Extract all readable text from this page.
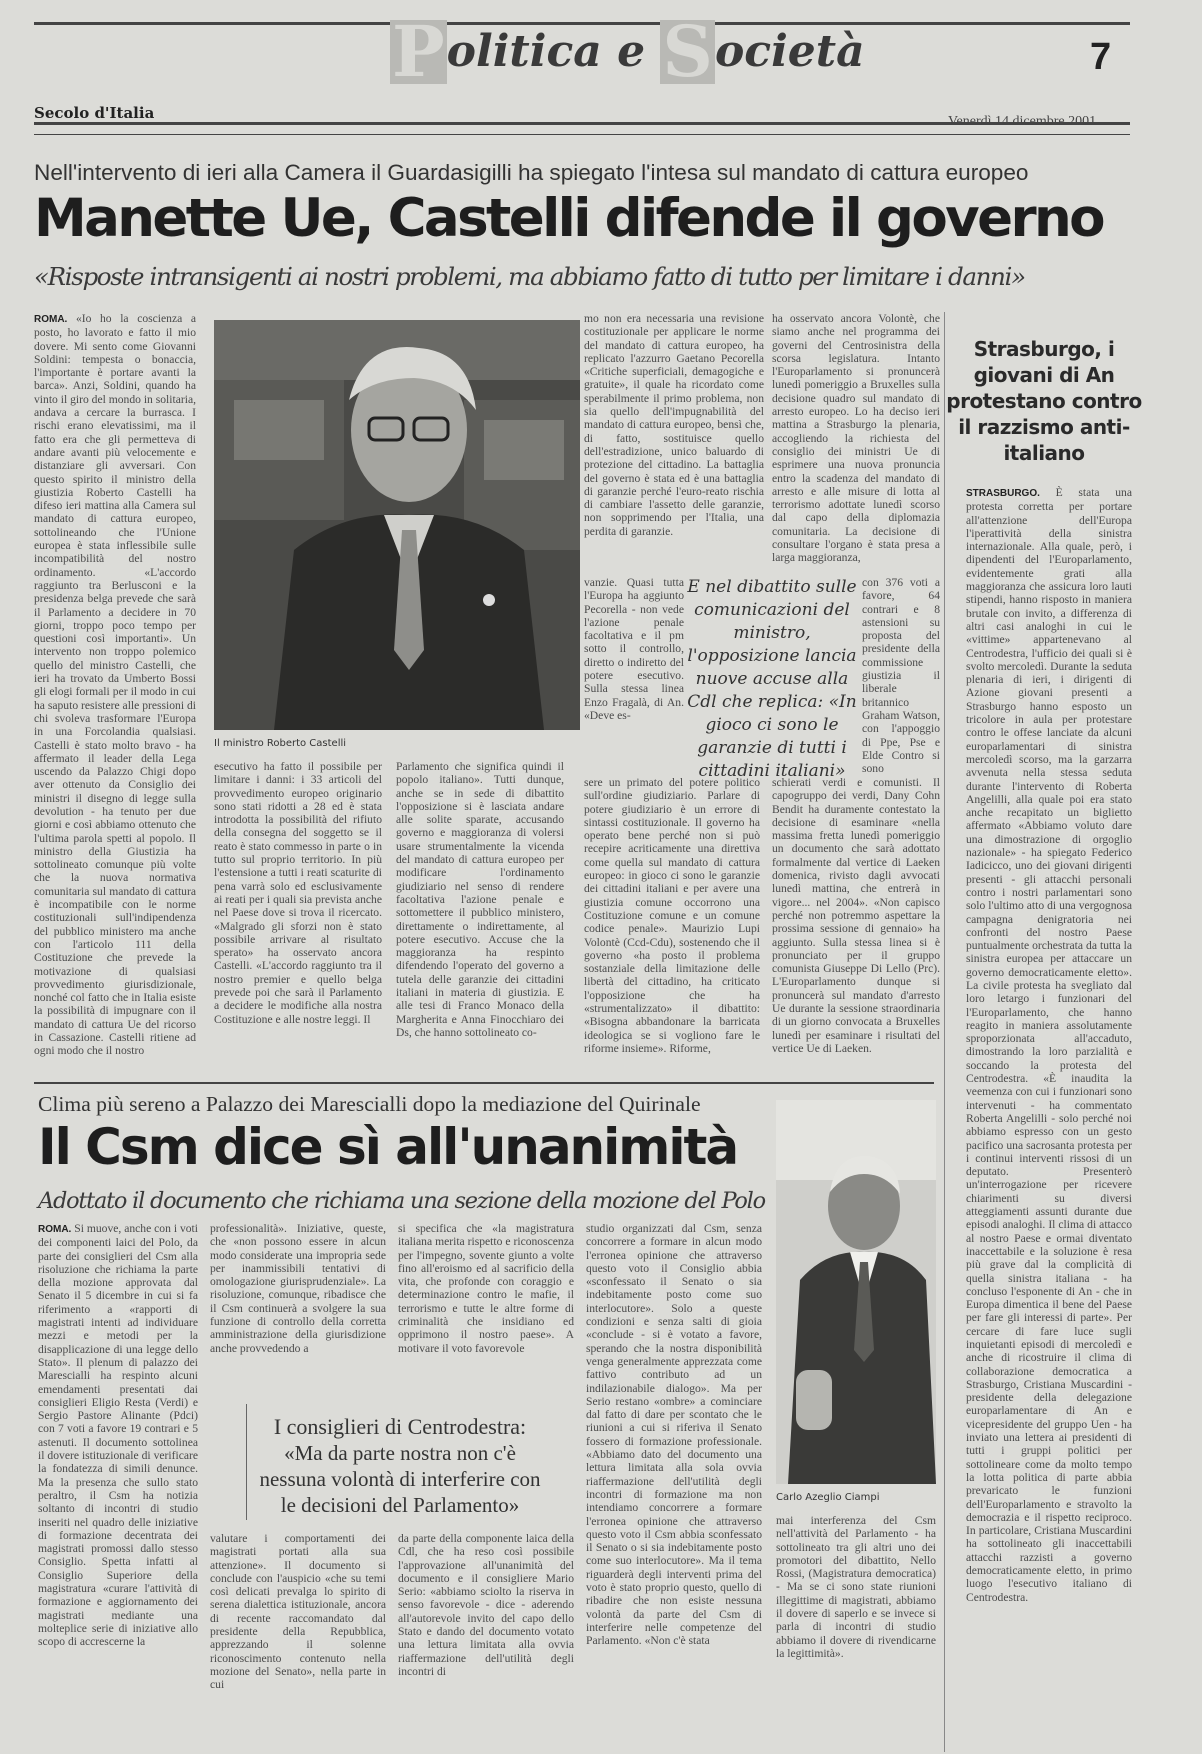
Politica e Società	7
Secolo d'Italia	Venerdì 14 dicembre 2001
Nell'intervento di ieri alla Camera il Guardasigilli ha spiegato l'intesa sul mandato di cattura europeo
Manette Ue, Castelli difende il governo
«Risposte intransigenti ai nostri problemi, ma abbiamo fatto di tutto per limitare i danni»
ROMA. «Io ho la coscienza a posto, ho lavorato e fatto il mio dovere. Mi sento come Giovanni Soldini: tempesta o bonaccia, l'importante è portare avanti la barca». Anzi, Soldini, quando ha vinto il giro del mondo in solitaria, andava a cercare la burrasca. I rischi erano elevatissimi, ma il fatto era che gli permetteva di andare avanti più velocemente e distanziare gli avversari. Con questo spirito il ministro della giustizia Roberto Castelli ha difeso ieri mattina alla Camera sul mandato di cattura europeo, sottolineando che l'Unione europea è stata inflessibile sulle incompatibilità del nostro ordinamento. «L'accordo raggiunto tra Berlusconi e la presidenza belga prevede che sarà il Parlamento a decidere in 70 giorni, troppo poco tempo per questioni così importanti». Un intervento non troppo polemico quello del ministro Castelli, che ieri ha trovato da Umberto Bossi gli elogi formali per il modo in cui ha saputo resistere alle pressioni di chi svoleva trasformare l'Europa in una Forcolandia qualsiasi. Castelli è stato molto bravo - ha affermato il leader della Lega uscendo da Palazzo Chigi dopo aver ottenuto da Consiglio dei ministri il disegno di legge sulla devolution - ha tenuto per due giorni e così abbiamo ottenuto che l'ultima parola spetti al popolo. Il ministro della Giustizia ha sottolineato comunque più volte che la nuova normativa comunitaria sul mandato di cattura è incompatibile con le norme costituzionali sull'indipendenza del pubblico ministero ma anche con l'articolo 111 della Costituzione che prevede la motivazione di qualsiasi provvedimento giurisdizionale, nonché col fatto che in Italia esiste la possibilità di impugnare con il mandato di cattura Ue del ricorso in Cassazione. Castelli ritiene ad ogni modo che il nostro
Il ministro Roberto Castelli
mo non era necessaria una revisione costituzionale per applicare le norme del mandato di cattura europeo, ha replicato l'azzurro Gaetano Pecorella «Critiche superficiali, demagogiche e gratuite», il quale ha ricordato come sperabilmente il primo problema, non sia quello dell'impugnabilità del mandato di cattura europeo, bensì che, di fatto, sostituisce quello dell'estradizione, unico baluardo di protezione del cittadino. La battaglia del governo è stata ed è una battaglia di garanzie perché l'euro-reato rischia di cambiare l'assetto delle garanzie, non sopprimendo per l'Italia, una perdita di garanzie.
ha osservato ancora Volontè, che siamo anche nel programma dei governi del Centrosinistra della scorsa legislatura. Intanto l'Europarlamento si pronuncerà lunedì pomeriggio a Bruxelles sulla decisione quadro sul mandato di arresto europeo. Lo ha deciso ieri mattina a Strasburgo la plenaria, accogliendo la richiesta del consiglio dei ministri Ue di esprimere una nuova pronuncia entro la scadenza del mandato di arresto e alle misure di lotta al terrorismo adottate lunedì scorso dal capo della diplomazia comunitaria. La decisione di consultare l'organo è stata presa a larga maggioranza,
vanzie. Quasi tutta l'Europa ha aggiunto Pecorella - non vede l'azione penale facoltativa e il pm sotto il controllo, diretto o indiretto del potere esecutivo. Sulla stessa linea Enzo Fragalà, di An. «Deve es-
con 376 voti a favore, 64 contrari e 8 astensioni su proposta del presidente della commissione giustizia il liberale britannico Graham Watson, con l'appoggio di Ppe, Pse e Elde Contro si sono
E nel dibattito sulle comunicazioni del ministro, l'opposizione lancia nuove accuse alla Cdl che replica: «In gioco ci sono le garanzie di tutti i cittadini italiani»
esecutivo ha fatto il possibile per limitare i danni: i 33 articoli del provvedimento europeo originario sono stati ridotti a 28 ed è stata introdotta la possibilità del rifiuto della consegna del soggetto se il reato è stato commesso in parte o in tutto sul proprio territorio. In più l'estensione a tutti i reati scaturite di pena varrà solo ed esclusivamente ai reati per i quali sia prevista anche nel Paese dove si trova il ricercato. «Malgrado gli sforzi non è stato possibile arrivare al risultato sperato» ha osservato ancora Castelli. «L'accordo raggiunto tra il nostro premier e quello belga prevede poi che sarà il Parlamento a decidere le modifiche alla nostra Costituzione e alle nostre leggi. Il
Parlamento che significa quindi il popolo italiano». Tutti dunque, anche se in sede di dibattito l'opposizione si è lasciata andare alle solite sparate, accusando governo e maggioranza di volersi usare strumentalmente la vicenda del mandato di cattura europeo per modificare l'ordinamento giudiziario nel senso di rendere facoltativa l'azione penale e sottomettere il pubblico ministero, direttamente o indirettamente, al potere esecutivo. Accuse che la maggioranza ha respinto difendendo l'operato del governo a tutela delle garanzie dei cittadini italiani in materia di giustizia. E alle tesi di Franco Monaco della Margherita e Anna Finocchiaro dei Ds, che hanno sottolineato co-
sere un primato del potere politico sull'ordine giudiziario. Parlare di potere giudiziario è un errore di sintassi costituzionale. Il governo ha operato bene perché non si può recepire acriticamente una direttiva come quella sul mandato di cattura europeo: in gioco ci sono le garanzie dei cittadini italiani e per avere una giustizia comune occorrono una Costituzione comune e un comune codice penale». Maurizio Lupi Volontè (Ccd-Cdu), sostenendo che il governo «ha posto il problema sostanziale della limitazione delle libertà del cittadino, ha criticato l'opposizione che ha «strumentalizzato» il dibattito: «Bisogna abbandonare la barricata ideologica se si vogliono fare le riforme insieme». Riforme,
schierati verdi e comunisti. Il capogruppo dei verdi, Dany Cohn Bendit ha duramente contestato la decisione di esaminare «nella massima fretta lunedì pomeriggio un documento che sarà adottato formalmente dal vertice di Laeken domenica, rivisto dagli avvocati lunedì mattina, che entrerà in vigore... nel 2004». «Non capisco perché non potremmo aspettare la prossima sessione di gennaio» ha aggiunto. Sulla stessa linea si è pronunciato per il gruppo comunista Giuseppe Di Lello (Prc). L'Europarlamento dunque si pronuncerà sul mandato d'arresto Ue durante la sessione straordinaria di un giorno convocata a Bruxelles lunedì per esaminare i risultati del vertice Ue di Laeken.
Strasburgo, i giovani di An protestano contro il razzismo anti-italiano
STRASBURGO. È stata una protesta corretta per portare all'attenzione dell'Europa l'iperattività della sinistra internazionale. Alla quale, però, i dipendenti del l'Europarlamento, evidentemente grati alla maggioranza che assicura loro lauti stipendi, hanno risposto in maniera brutale con invito, a differenza di altri casi analoghi in cui le «vittime» appartenevano al Centrodestra, l'ufficio dei quali si è svolto mercoledì. Durante la seduta plenaria di ieri, i dirigenti di Azione giovani presenti a Strasburgo hanno esposto un tricolore in aula per protestare contro le offese lanciate da alcuni europarlamentari di sinistra mercoledì scorso, ma la garzarra avvenuta nella stessa seduta durante l'intervento di Roberta Angelilli, alla quale poi era stato anche recapitato un biglietto affermato «Abbiamo voluto dare una dimostrazione di orgoglio nazionale» - ha spiegato Federico Iadicicco, uno dei giovani dirigenti presenti - gli attacchi personali contro i nostri parlamentari sono solo l'ultimo atto di una vergognosa campagna denigratoria nei confronti del nostro Paese puntualmente orchestrata da tutta la sinistra europea per attaccare un governo democraticamente eletto». La civile protesta ha svegliato dal loro letargo i funzionari del l'Europarlamento, che hanno reagito in maniera assolutamente sproporzionata all'accaduto, dimostrando la loro parzialità e soccando la protesta del Centrodestra. «È inaudita la veemenza con cui i funzionari sono intervenuti - ha commentato Roberta Angelilli - solo perché noi abbiamo espresso con un gesto pacifico una sacrosanta protesta per i continui interventi rissosi di un deputato. Presenterò un'interrogazione per ricevere chiarimenti su diversi atteggiamenti assunti durante due episodi analoghi. Il clima di attacco al nostro Paese e ormai diventato inaccettabile e la soluzione è resa più grave dal la complicità di quella sinistra italiana - ha concluso l'esponente di An - che in Europa dimentica il bene del Paese per fare gli interessi di parte». Per cercare di fare luce sugli inquietanti episodi di mercoledì e anche di ricostruire il clima di collaborazione democratica a Strasburgo, Cristiana Muscardini - presidente della delegazione europarlamentare di An e vicepresidente del gruppo Uen - ha inviato una lettera ai presidenti di tutti i gruppi politici per sottolineare come da molto tempo la lotta politica di parte abbia prevaricato le funzioni dell'Europarlamento e stravolto la democrazia e il rispetto reciproco. In particolare, Cristiana Muscardini ha sottolineato gli inaccettabili attacchi razzisti a governo democraticamente eletto, in primo luogo l'esecutivo italiano di Centrodestra.
Clima più sereno a Palazzo dei Marescialli dopo la mediazione del Quirinale
Il Csm dice sì all'unanimità
Adottato il documento che richiama una sezione della mozione del Polo
Carlo Azeglio Ciampi
ROMA. Si muove, anche con i voti dei componenti laici del Polo, da parte dei consiglieri del Csm alla risoluzione che richiama la parte della mozione approvata dal Senato il 5 dicembre in cui si fa riferimento a «rapporti di magistrati intenti ad individuare mezzi e metodi per la disapplicazione di una legge dello Stato». Il plenum di palazzo dei Marescialli ha respinto alcuni emendamenti presentati dai consiglieri Eligio Resta (Verdi) e Sergio Pastore Alinante (Pdci) con 7 voti a favore 19 contrari e 5 astenuti. Il documento sottolinea il dovere istituzionale di verificare la fondatezza di simili denunce. Ma la presenza che sullo stato peraltro, il Csm ha notizia soltanto di incontri di studio inseriti nel quadro delle iniziative di formazione decentrata dei magistrati promossi dallo stesso Consiglio. Spetta infatti al Consiglio Superiore della magistratura «curare l'attività di formazione e aggiornamento dei magistrati mediante una molteplice serie di iniziative allo scopo di accrescerne la
professionalità». Iniziative, queste, che «non possono essere in alcun modo considerate una impropria sede per inammissibili tentativi di omologazione giurisprudenziale». La risoluzione, comunque, ribadisce che il Csm continuerà a svolgere la sua funzione di controllo della corretta amministrazione della giurisdizione anche provvedendo a
si specifica che «la magistratura italiana merita rispetto e riconoscenza per l'impegno, sovente giunto a volte fino all'eroismo ed al sacrificio della vita, che profonde con coraggio e determinazione contro le mafie, il terrorismo e tutte le altre forme di criminalità che insidiano ed opprimono il nostro paese». A motivare il voto favorevole
studio organizzati dal Csm, senza concorrere a formare in alcun modo l'erronea opinione che attraverso questo voto il Consiglio abbia «sconfessato il Senato o sia indebitamente posto come suo interlocutore». Solo a queste condizioni e senza salti di gioia «conclude - si è votato a favore, sperando che la nostra disponibilità venga generalmente apprezzata come fattivo contributo ad un indilazionabile dialogo». Ma per Serio restano «ombre» a cominciare dal fatto di dare per scontato che le riunioni a cui si riferiva il Senato fossero di formazione professionale. «Abbiamo dato del documento una lettura limitata alla sola ovvia riaffermazione dell'utilità degli incontri di formazione ma non intendiamo concorrere a formare l'erronea opinione che attraverso questo voto il Csm abbia sconfessato il Senato o si sia indebitamente posto come suo interlocutore». Ma il tema riguarderà degli interventi prima del voto è stato proprio questo, quello di ribadire che non esiste nessuna volontà da parte del Csm di interferire nelle competenze del Parlamento. «Non c'è stata
mai interferenza del Csm nell'attività del Parlamento - ha sottolineato tra gli altri uno dei promotori del dibattito, Nello Rossi, (Magistratura democratica) - Ma se ci sono state riunioni illegittime di magistrati, abbiamo il dovere di saperlo e se invece si parla di incontri di studio abbiamo il dovere di rivendicarne la legittimità».
I consiglieri di Centrodestra:
«Ma da parte nostra non c'è nessuna volontà di interferire con le decisioni del Parlamento»
valutare i comportamenti dei magistrati portati alla sua attenzione». Il documento si conclude con l'auspicio «che su temi così delicati prevalga lo spirito di serena dialettica istituzionale, ancora di recente raccomandato dal presidente della Repubblica, apprezzando il solenne riconoscimento contenuto nella mozione del Senato», nella parte in cui
da parte della componente laica della Cdl, che ha reso così possibile l'approvazione all'unanimità del documento e il consigliere Mario Serio: «abbiamo sciolto la riserva in senso favorevole - dice - aderendo all'autorevole invito del capo dello Stato e dando del documento votato una lettura limitata alla ovvia riaffermazione dell'utilità degli incontri di
